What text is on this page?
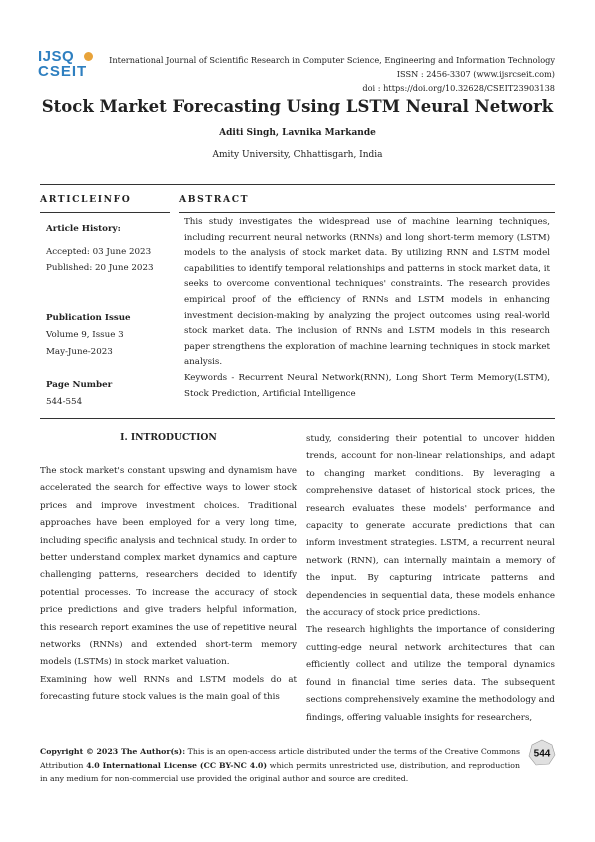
IJSQ
CSEIT
International Journal of Scientific Research in Computer Science, Engineering and Information Technology
ISSN : 2456-3307 (www.ijsrcseit.com)
doi : https://doi.org/10.32628/CSEIT23903138
Stock Market Forecasting Using LSTM Neural Network
Aditi Singh, Lavnika Markande
Amity University, Chhattisgarh, India
ARTICLEINFO	ABSTRACT
Article History:
Accepted: 03 June 2023
Published: 20 June 2023
Publication Issue
Volume 9, Issue 3
May-June-2023
Page Number
544-554

This study investigates the widespread use of machine learning techniques, including recurrent neural networks (RNNs) and long short-term memory (LSTM) models to the analysis of stock market data. By utilizing RNN and LSTM model capabilities to identify temporal relationships and patterns in stock market data, it seeks to overcome conventional techniques' constraints. The research provides empirical proof of the efficiency of RNNs and LSTM models in enhancing investment decision-making by analyzing the project outcomes using real-world stock market data. The inclusion of RNNs and LSTM models in this research paper strengthens the exploration of machine learning techniques in stock market analysis.

Keywords - Recurrent Neural Network(RNN), Long Short Term Memory(LSTM), Stock Prediction, Artificial Intelligence

I. INTRODUCTION

The stock market's constant upswing and dynamism have accelerated the search for effective ways to lower stock prices and improve investment choices. Traditional approaches have been employed for a very long time, including specific analysis and technical study. In order to better understand complex market dynamics and capture challenging patterns, researchers decided to identify potential processes. To increase the accuracy of stock price predictions and give traders helpful information, this research report examines the use of repetitive neural networks (RNNs) and extended short-term memory models (LSTMs) in stock market valuation.

Examining how well RNNs and LSTM models do at forecasting future stock values is the main goal of this

study, considering their potential to uncover hidden trends, account for non-linear relationships, and adapt to changing market conditions. By leveraging a comprehensive dataset of historical stock prices, the research evaluates these models' performance and capacity to generate accurate predictions that can inform investment strategies. LSTM, a recurrent neural network (RNN), can internally maintain a memory of the input. By capturing intricate patterns and dependencies in sequential data, these models enhance the accuracy of stock price predictions.

The research highlights the importance of considering cutting-edge neural network architectures that can efficiently collect and utilize the temporal dynamics found in financial time series data. The subsequent sections comprehensively examine the methodology and findings, offering valuable insights for researchers,

Copyright © 2023 The Author(s): This is an open-access article distributed under the terms of the Creative Commons Attribution 4.0 International License (CC BY-NC 4.0) which permits unrestricted use, distribution, and reproduction in any medium for non-commercial use provided the original author and source are credited.
544
